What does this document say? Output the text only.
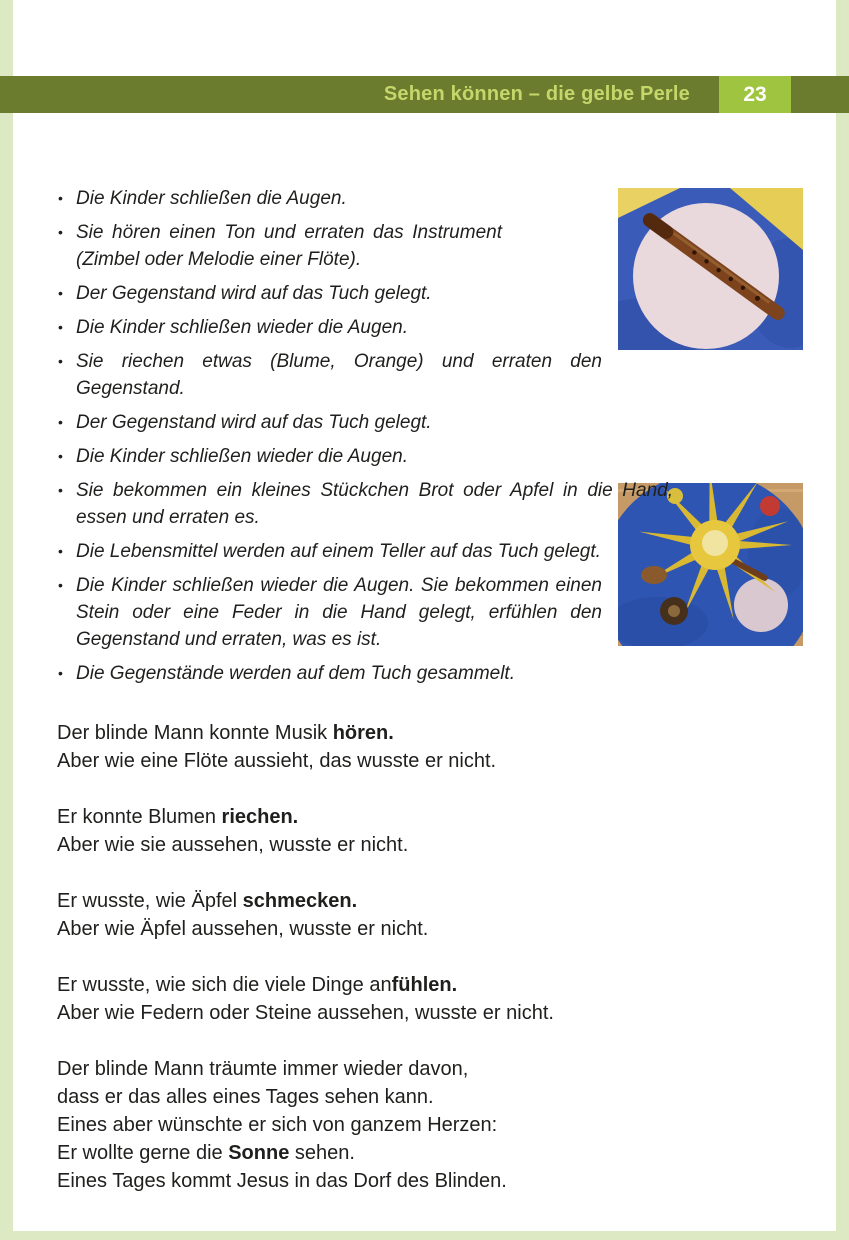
Sehen können – die gelbe Perle	23
• Die Kinder schließen die Augen.
• Sie hören einen Ton und erraten das Instrument (Zimbel oder Melodie einer Flöte).
• Der Gegenstand wird auf das Tuch gelegt.
• Die Kinder schließen wieder die Augen.
• Sie riechen etwas (Blume, Orange) und erraten den Gegenstand.
• Der Gegenstand wird auf das Tuch gelegt.
• Die Kinder schließen wieder die Augen.
• Sie bekommen ein kleines Stückchen Brot oder Apfel in die Hand, essen und erraten es.
• Die Lebensmittel werden auf einem Teller auf das Tuch gelegt.
• Die Kinder schließen wieder die Augen. Sie bekommen einen Stein oder eine Feder in die Hand gelegt, erfühlen den Gegenstand und erraten, was es ist.
• Die Gegenstände werden auf dem Tuch gesammelt.

Der blinde Mann konnte Musik hören.
Aber wie eine Flöte aussieht, das wusste er nicht.

Er konnte Blumen riechen.
Aber wie sie aussehen, wusste er nicht.

Er wusste, wie Äpfel schmecken.
Aber wie Äpfel aussehen, wusste er nicht.

Er wusste, wie sich die viele Dinge anfühlen.
Aber wie Federn oder Steine aussehen, wusste er nicht.

Der blinde Mann träumte immer wieder davon,
dass er das alles eines Tages sehen kann.
Eines aber wünschte er sich von ganzem Herzen:
Er wollte gerne die Sonne sehen.
Eines Tages kommt Jesus in das Dorf des Blinden.
